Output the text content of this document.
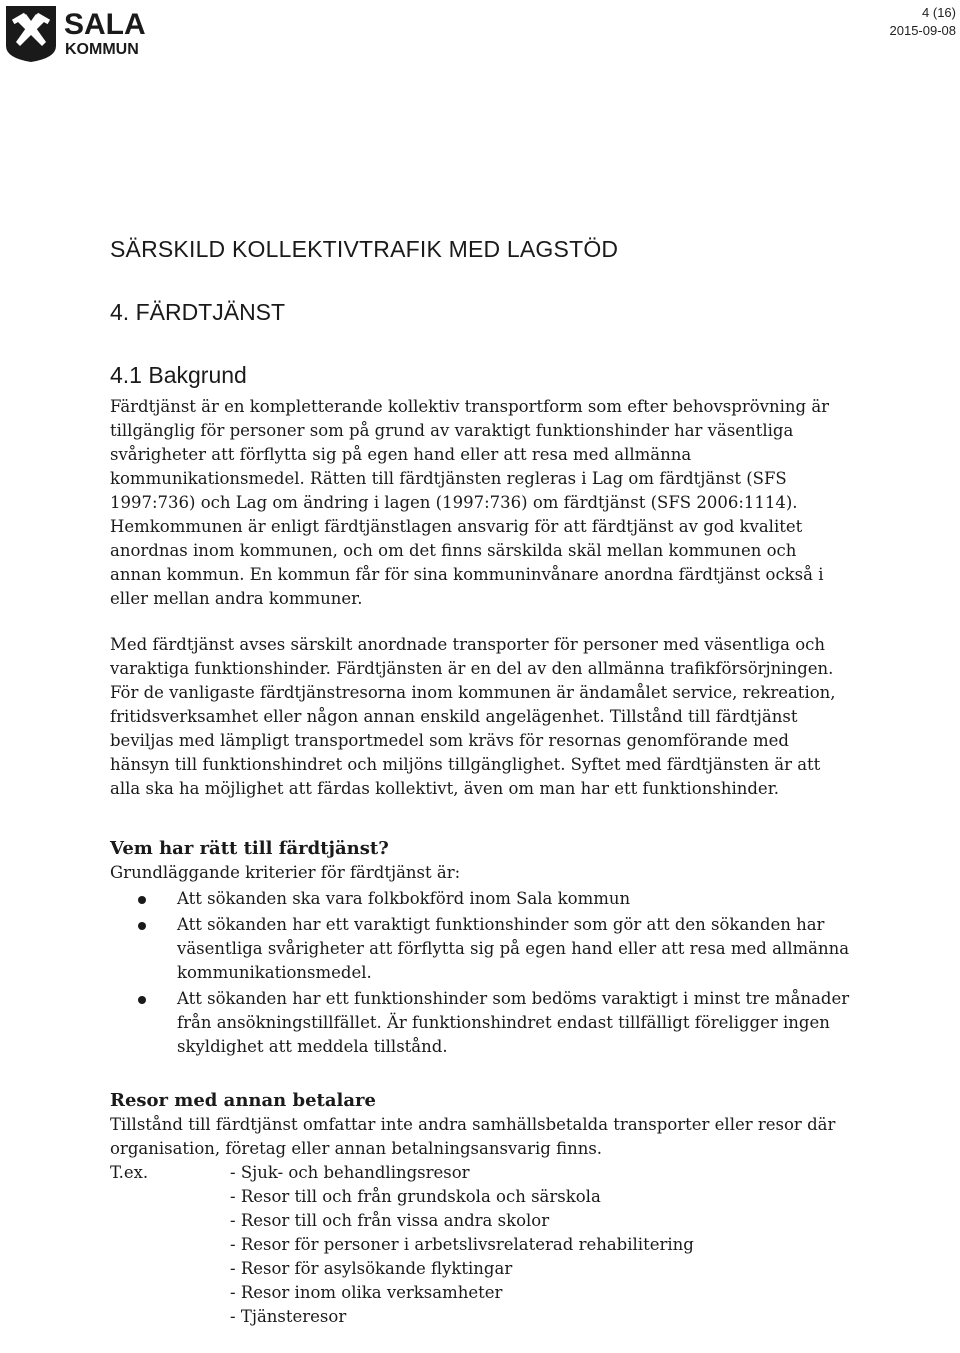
SALA
KOMMUN
4 (16)
2015-09-08
SÄRSKILD KOLLEKTIVTRAFIK MED LAGSTÖD
4. FÄRDTJÄNST
4.1 Bakgrund

Färdtjänst är en kompletterande kollektiv transportform som efter behovsprövning är tillgänglig för personer som på grund av varaktigt funktionshinder har väsentliga svårigheter att förflytta sig på egen hand eller att resa med allmänna kommunikationsmedel. Rätten till färdtjänsten regleras i Lag om färdtjänst (SFS 1997:736) och Lag om ändring i lagen (1997:736) om färdtjänst (SFS 2006:1114). Hemkommunen är enligt färdtjänstlagen ansvarig för att färdtjänst av god kvalitet anordnas inom kommunen, och om det finns särskilda skäl mellan kommunen och annan kommun. En kommun får för sina kommuninvånare anordna färdtjänst också i eller mellan andra kommuner.

Med färdtjänst avses särskilt anordnade transporter för personer med väsentliga och varaktiga funktionshinder. Färdtjänsten är en del av den allmänna trafikförsörjningen. För de vanligaste färdtjänstresorna inom kommunen är ändamålet service, rekreation, fritidsverksamhet eller någon annan enskild angelägenhet. Tillstånd till färdtjänst beviljas med lämpligt transportmedel som krävs för resornas genomförande med hänsyn till funktionshindret och miljöns tillgänglighet. Syftet med färdtjänsten är att alla ska ha möjlighet att färdas kollektivt, även om man har ett funktionshinder.

Vem har rätt till färdtjänst?

Grundläggande kriterier för färdtjänst är:

Att sökanden ska vara folkbokförd inom Sala kommun
Att sökanden har ett varaktigt funktionshinder som gör att den sökanden har väsentliga svårigheter att förflytta sig på egen hand eller att resa med allmänna kommunikationsmedel.
Att sökanden har ett funktionshinder som bedöms varaktigt i minst tre månader från ansökningstillfället. Är funktionshindret endast tillfälligt föreligger ingen skyldighet att meddela tillstånd.
Resor med annan betalare

Tillstånd till färdtjänst omfattar inte andra samhällsbetalda transporter eller resor där organisation, företag eller annan betalningsansvarig finns.

T.ex.	- Sjuk- och behandlingsresor
- Resor till och från grundskola och särskola
- Resor till och från vissa andra skolor
- Resor för personer i arbetslivsrelaterad rehabilitering
- Resor för asylsökande flyktingar
- Resor inom olika verksamheter
- Tjänsteresor
